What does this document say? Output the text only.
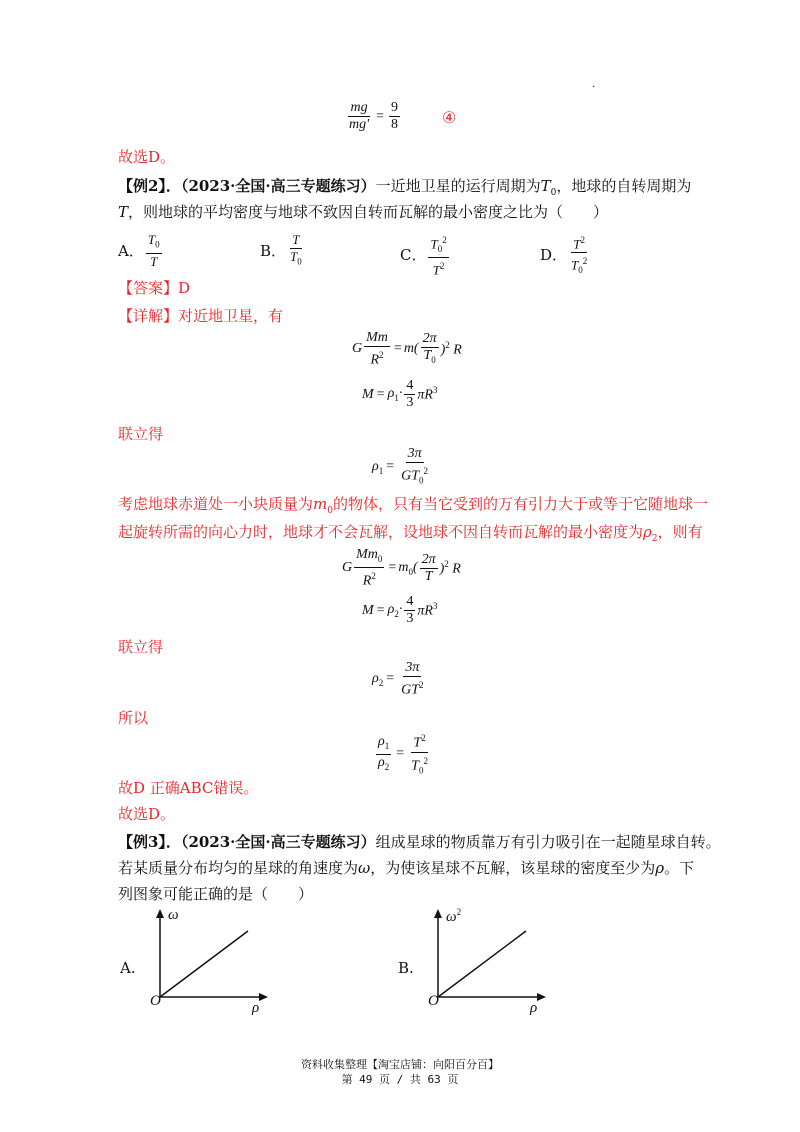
·
$\frac{mg}{mg'} = \frac{9}{8}$	④
故选D。
【例2】．（2023·全国·高三专题练习）一近地卫星的运行周期为$T_0$，地球的自转周期为
T，则地球的平均密度与地球不致因自转而瓦解的最小密度之比为（　　）
A． $\frac{T_0}{T}$	B． $\frac{T}{T_0}$	C． $\frac{T_0^2}{T^2}$	D． $\frac{T^2}{T_0^2}$
【答案】D
【详解】对近地卫星，有
G $\frac{Mm}{R^2} = m( \frac{2\pi}{T_0} )^2$ R
$M = \rho_1\cdot \frac{4}{3} \pi R^3$
联立得
$\rho_1 = \frac{3\pi}{GT_0^2}$
考虑地球赤道处一小块质量为$m_0$的物体，只有当它受到的万有引力大于或等于它随地球一
起旋转所需的向心力时，地球才不会瓦解，设地球不因自转而瓦解的最小密度为$\rho_2$，则有
G $\frac{Mm_0}{R^2} = m_0( \frac{2\pi}{T} )^2$ R
$M = \rho_2\cdot \frac{4}{3} \pi R^3$
联立得
$\rho_2 = \frac{3\pi}{GT^2}$
所以
$\frac{\rho_1}{\rho_2} = \frac{T^2}{T_0^2}$
故D 正确ABC错误。
故选D。
【例3】．（2023·全国·高三专题练习）组成星球的物质靠万有引力吸引在一起随星球自转。
若某质量分布均匀的星球的角速度为ω，为使该星球不瓦解，该星球的密度至少为ρ。下
列图象可能正确的是（　　）
A.
ω
O	ρ
B.
$\omega^2$
O	ρ
资料收集整理【淘宝店铺：向阳百分百】
第 49 页 / 共 63 页
